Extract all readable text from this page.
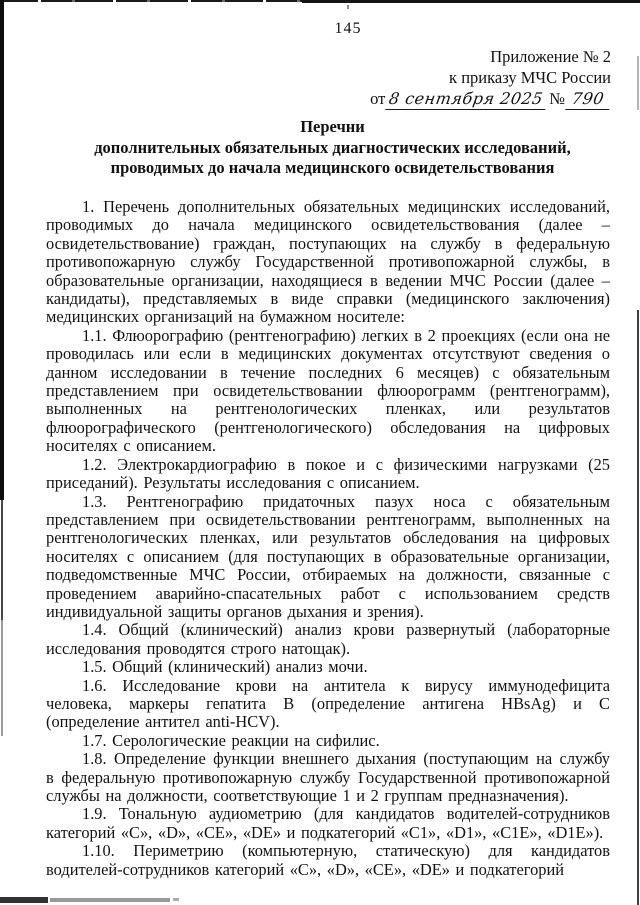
145
Приложение № 2
к приказу МЧС России
от 8 сентября 2025 № 790
Перечни
дополнительных обязательных диагностических исследований,
проводимых до начала медицинского освидетельствования

1. Перечень дополнительных обязательных медицинских исследований, проводимых до начала медицинского освидетельствования (далее – освидетельствование) граждан, поступающих на службу в федеральную противопожарную службу Государственной противопожарной службы, в образовательные организации, находящиеся в ведении МЧС России (далее – кандидаты), представляемых в виде справки (медицинского заключения) медицинских организаций на бумажном носителе:

1.1. Флюорографию (рентгенографию) легких в 2 проекциях (если она не проводилась или если в медицинских документах отсутствуют сведения о данном исследовании в течение последних 6 месяцев) с обязательным представлением при освидетельствовании флюорограмм (рентгенограмм), выполненных на рентгенологических пленках, или результатов флюорографического (рентгенологического) обследования на цифровых носителях с описанием.

1.2. Электрокардиографию в покое и с физическими нагрузками (25 приседаний). Результаты исследования с описанием.

1.3. Рентгенографию придаточных пазух носа с обязательным представлением при освидетельствовании рентгенограмм, выполненных на рентгенологических пленках, или результатов обследования на цифровых носителях с описанием (для поступающих в образовательные организации, подведомственные МЧС России, отбираемых на должности, связанные с проведением аварийно-спасательных работ с использованием средств индивидуальной защиты органов дыхания и зрения).

1.4. Общий (клинический) анализ крови развернутый (лабораторные исследования проводятся строго натощак).

1.5. Общий (клинический) анализ мочи.

1.6. Исследование крови на антитела к вирусу иммунодефицита человека, маркеры гепатита В (определение антигена HBsAg) и С (определение антител anti-HCV).

1.7. Серологические реакции на сифилис.

1.8. Определение функции внешнего дыхания (поступающим на службу в федеральную противопожарную службу Государственной противопожарной службы на должности, соответствующие 1 и 2 группам предназначения).

1.9. Тональную аудиометрию (для кандидатов водителей-сотрудников категорий «С», «D», «СЕ», «DE» и подкатегорий «C1», «D1», «C1E», «D1E»).

1.10. Периметрию (компьютерную, статическую) для кандидатов водителей-сотрудников категорий «С», «D», «СЕ», «DE» и подкатегорий
